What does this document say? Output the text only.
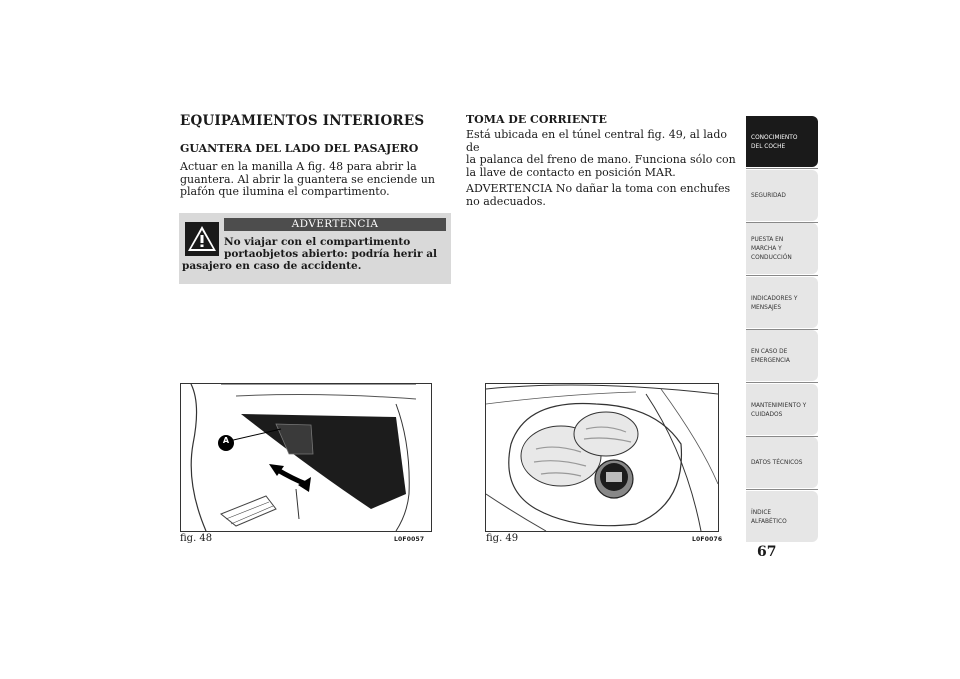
EQUIPAMIENTOS INTERIORES
GUANTERA DEL LADO DEL PASAJERO

Actuar en la manilla A fig. 48 para abrir la

guantera. Al abrir la guantera se enciende un

plafón que ilumina el compartimento.

ADVERTENCIA
No viajar con el compartimento
portaobjetos abierto: podría herir al
pasajero en caso de accidente.
TOMA DE CORRIENTE

Está ubicada en el túnel central fig. 49, al lado de

la palanca del freno de mano. Funciona sólo con

la llave de contacto en posición MAR.

ADVERTENCIA No dañar la toma con enchufes

no adecuados.

A
fig. 48	L0F0057	fig. 49	L0F0076
CONOCIMIENTO
DEL COCHE
SEGURIDAD
PUESTA EN
MARCHA Y
CONDUCCIÓN
INDICADORES Y
MENSAJES
EN CASO DE
EMERGENCIA
MANTENIMIENTO Y
CUIDADOS
DATOS TÉCNICOS
ÍNDICE
ALFABÉTICO
67
